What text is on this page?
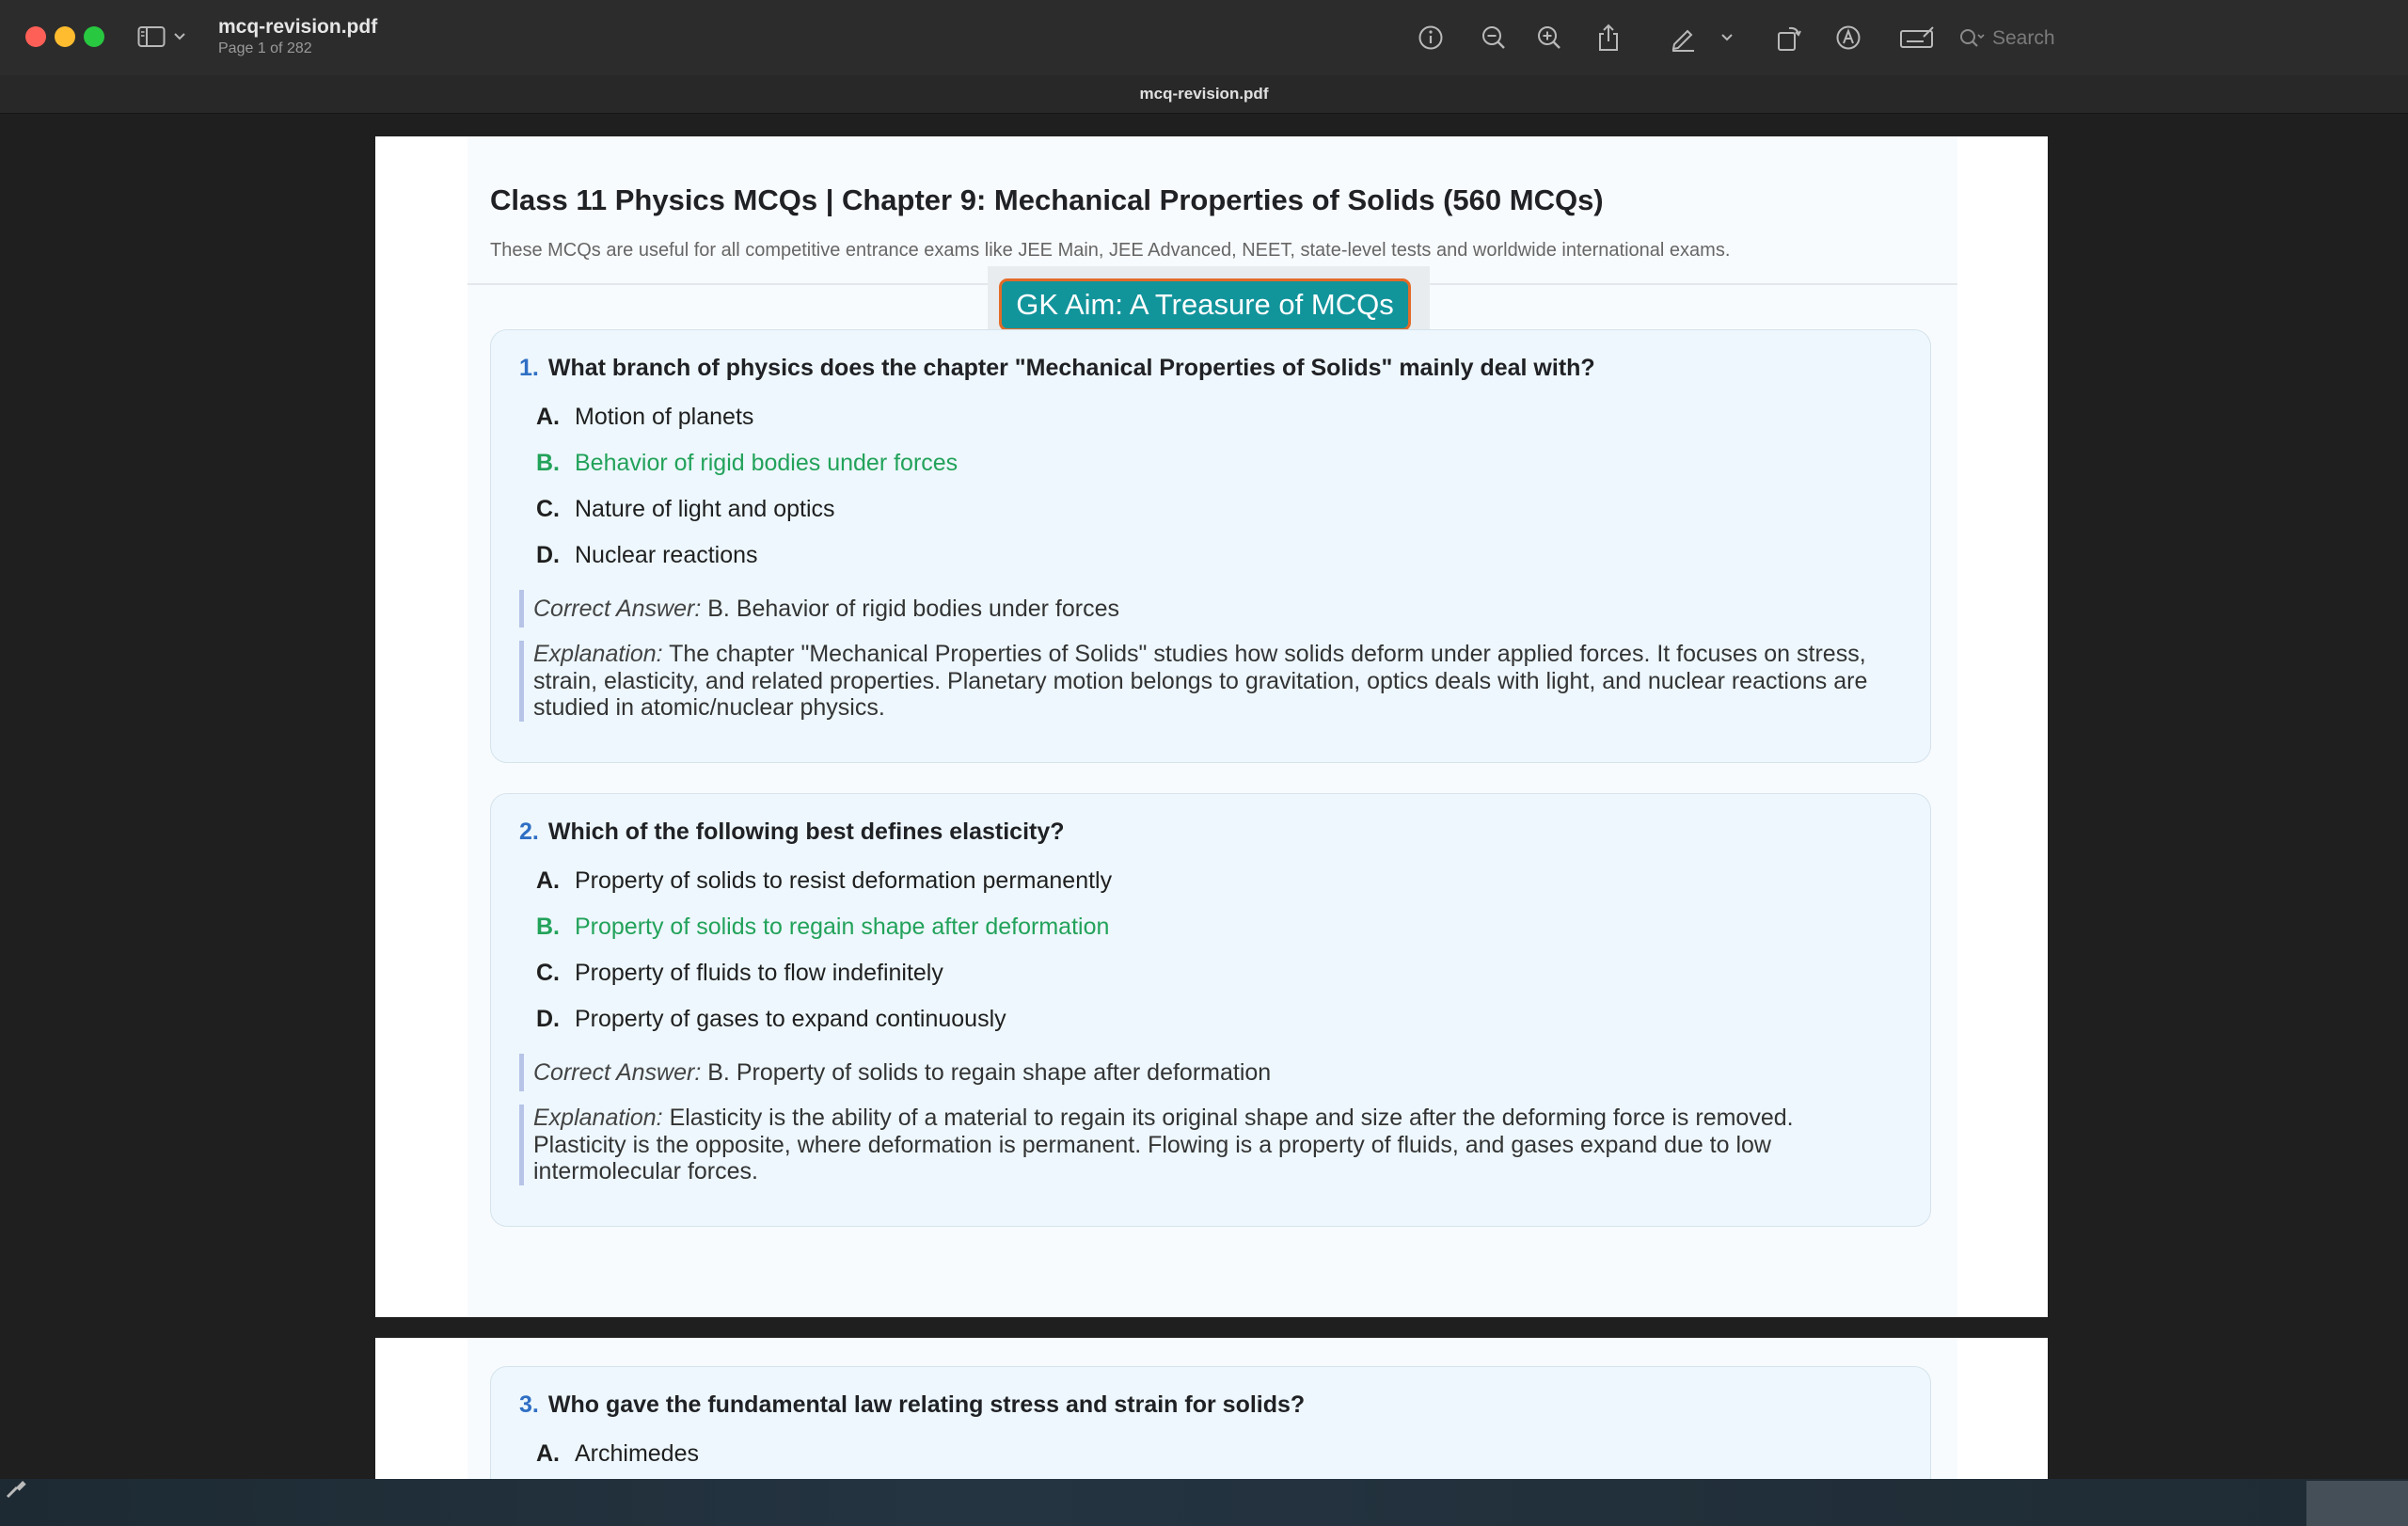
mcq-revision.pdf
Page 1 of 282
Search
mcq-revision.pdf
Class 11 Physics MCQs | Chapter 9: Mechanical Properties of Solids (560 MCQs)
These MCQs are useful for all competitive entrance exams like JEE Main, JEE Advanced, NEET, state-level tests and worldwide international exams.
GK Aim: A Treasure of MCQs
1. What branch of physics does the chapter "Mechanical Properties of Solids" mainly deal with?
A. Motion of planets
B. Behavior of rigid bodies under forces
C. Nature of light and optics
D. Nuclear reactions
Correct Answer: B. Behavior of rigid bodies under forces
Explanation: The chapter "Mechanical Properties of Solids" studies how solids deform under applied forces. It focuses on stress, strain, elasticity, and related properties. Planetary motion belongs to gravitation, optics deals with light, and nuclear reactions are studied in atomic/nuclear physics.
2. Which of the following best defines elasticity?
A. Property of solids to resist deformation permanently
B. Property of solids to regain shape after deformation
C. Property of fluids to flow indefinitely
D. Property of gases to expand continuously
Correct Answer: B. Property of solids to regain shape after deformation
Explanation: Elasticity is the ability of a material to regain its original shape and size after the deforming force is removed. Plasticity is the opposite, where deformation is permanent. Flowing is a property of fluids, and gases expand due to low intermolecular forces.
3. Who gave the fundamental law relating stress and strain for solids?
A. Archimedes
